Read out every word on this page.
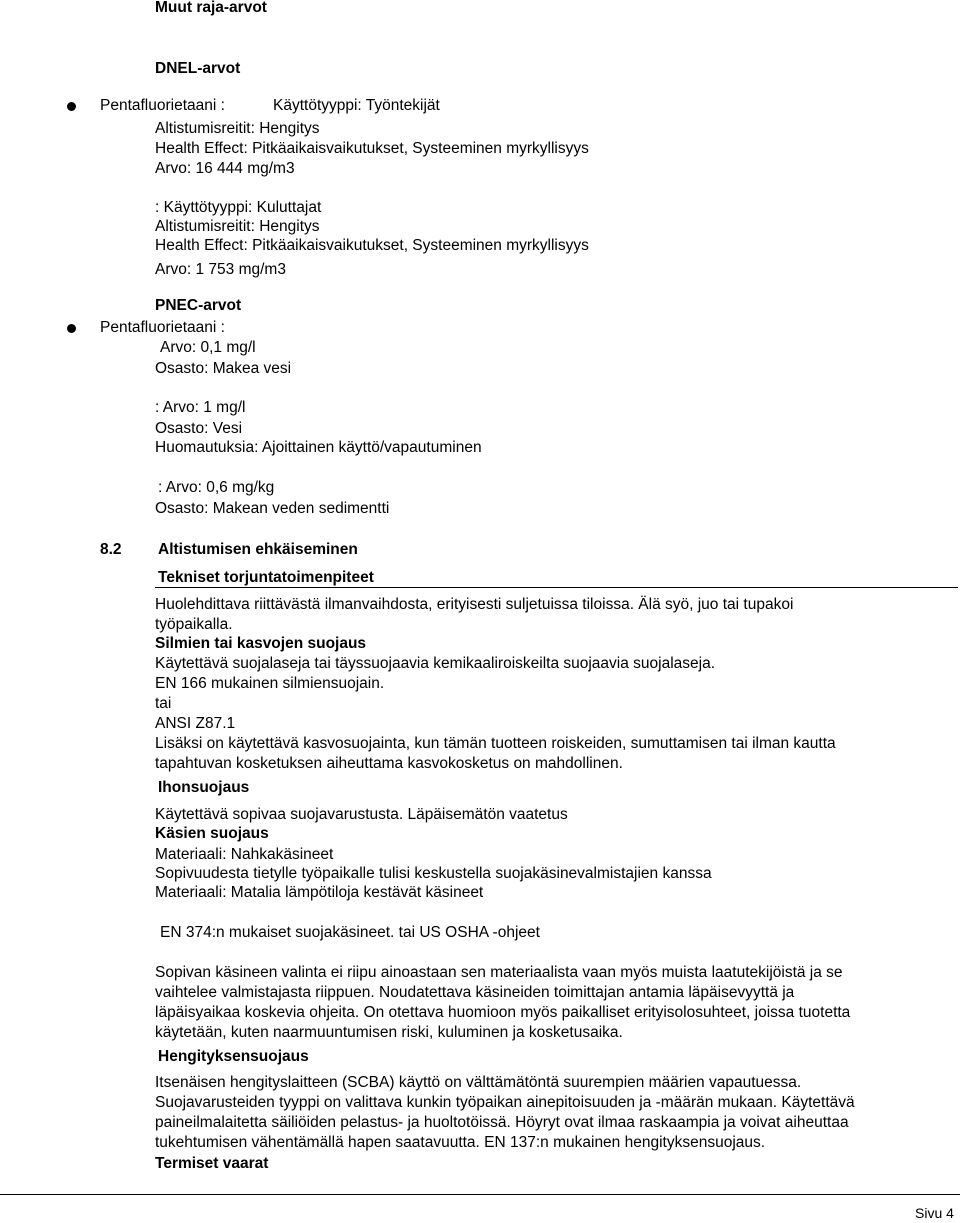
Muut raja-arvot
DNEL-arvot
Pentafluorietaani :	Käyttötyyppi: Työntekijät
Altistumisreitit: Hengitys
Health Effect: Pitkäaikaisvaikutukset, Systeeminen myrkyllisyys
Arvo: 16 444 mg/m3
: Käyttötyyppi: Kuluttajat
Altistumisreitit: Hengitys
Health Effect: Pitkäaikaisvaikutukset, Systeeminen myrkyllisyys
Arvo: 1 753 mg/m3
PNEC-arvot
Pentafluorietaani :
Arvo: 0,1 mg/l
Osasto: Makea vesi
: Arvo: 1 mg/l
Osasto: Vesi
Huomautuksia: Ajoittainen käyttö/vapautuminen
: Arvo: 0,6 mg/kg
Osasto: Makean veden sedimentti
8.2 Altistumisen ehkäiseminen
Tekniset torjuntatoimenpiteet
Huolehdittava riittävästä ilmanvaihdosta, erityisesti suljetuissa tiloissa. Älä syö, juo tai tupakoi
työpaikalla.
Silmien tai kasvojen suojaus
Käytettävä suojalaseja tai täyssuojaavia kemikaaliroiskeilta suojaavia suojalaseja.
EN 166 mukainen silmiensuojain.
tai
ANSI Z87.1
Lisäksi on käytettävä kasvosuojainta, kun tämän tuotteen roiskeiden, sumuttamisen tai ilman kautta
tapahtuvan kosketuksen aiheuttama kasvokosketus on mahdollinen.
Ihonsuojaus
Käytettävä sopivaa suojavarustusta. Läpäisemätön vaatetus
Käsien suojaus
Materiaali: Nahkakäsineet
Sopivuudesta tietylle työpaikalle tulisi keskustella suojakäsinevalmistajien kanssa
Materiaali: Matalia lämpötiloja kestävät käsineet
EN 374:n mukaiset suojakäsineet. tai US OSHA -ohjeet
Sopivan käsineen valinta ei riipu ainoastaan sen materiaalista vaan myös muista laatutekijöistä ja se
vaihtelee valmistajasta riippuen. Noudatettava käsineiden toimittajan antamia läpäisevyyttä ja
läpäisyaikaa koskevia ohjeita. On otettava huomioon myös paikalliset erityisolosuhteet, joissa tuotetta
käytetään, kuten naarmuuntumisen riski, kuluminen ja kosketusaika.
Hengityksensuojaus
Itsenäisen hengityslaitteen (SCBA) käyttö on välttämätöntä suurempien määrien vapautuessa.
Suojavarusteiden tyyppi on valittava kunkin työpaikan ainepitoisuuden ja -määrän mukaan. Käytettävä
paineilmalaitetta säiliöiden pelastus- ja huoltotöissä. Höyryt ovat ilmaa raskaampia ja voivat aiheuttaa
tukehtumisen vähentämällä hapen saatavuutta. EN 137:n mukainen hengityksensuojaus.
Termiset vaarat
Sivu 4
